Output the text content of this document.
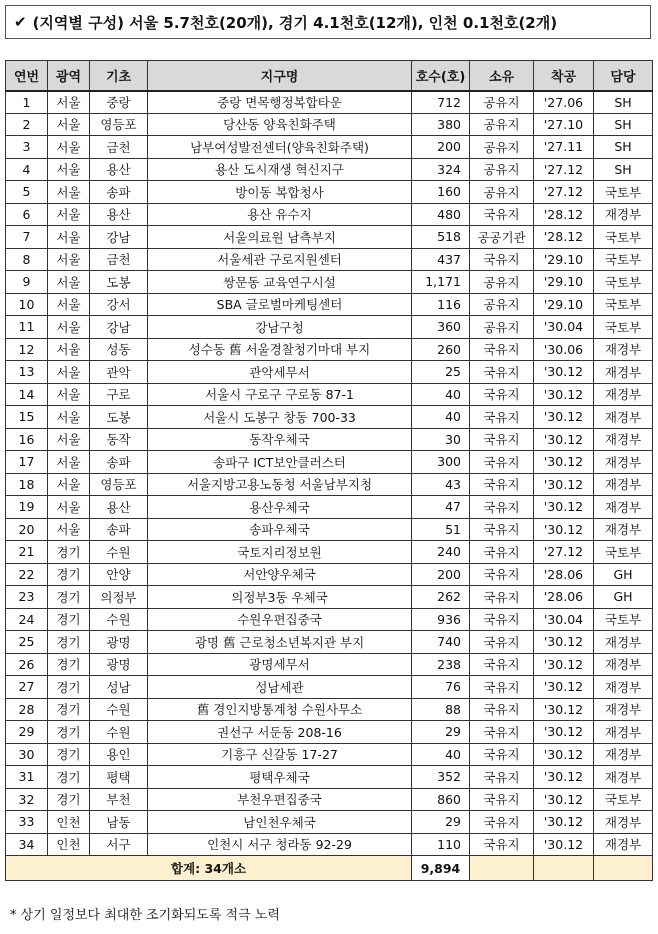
✔ (지역별 구성) 서울 5.7천호(20개), 경기 4.1천호(12개), 인천 0.1천호(2개)
연번	광역	기초	지구명	호수(호)	소유	착공	담당
1	서울	중랑	중랑 면목행정복합타운	712	공유지	'27.06	SH
2	서울	영등포	당산동 양육친화주택	380	공유지	'27.10	SH
3	서울	금천	남부여성발전센터(양육친화주택)	200	공유지	'27.11	SH
4	서울	용산	용산 도시재생 혁신지구	324	공유지	'27.12	SH
5	서울	송파	방이동 복합청사	160	공유지	'27.12	국토부
6	서울	용산	용산 유수지	480	국유지	'28.12	재경부
7	서울	강남	서울의료원 남측부지	518	공공기관	'28.12	국토부
8	서울	금천	서울세관 구로지원센터	437	국유지	'29.10	국토부
9	서울	도봉	쌍문동 교육연구시설	1,171	공유지	'29.10	국토부
10	서울	강서	SBA 글로벌마케팅센터	116	공유지	'29.10	국토부
11	서울	강남	강남구청	360	공유지	'30.04	국토부
12	서울	성동	성수동 舊 서울경찰청기마대 부지	260	국유지	'30.06	재경부
13	서울	관악	관악세무서	25	국유지	'30.12	재경부
14	서울	구로	서울시 구로구 구로동 87-1	40	국유지	'30.12	재경부
15	서울	도봉	서울시 도봉구 창동 700-33	40	국유지	'30.12	재경부
16	서울	동작	동작우체국	30	국유지	'30.12	재경부
17	서울	송파	송파구 ICT보안클러스터	300	국유지	'30.12	재경부
18	서울	영등포	서울지방고용노동청 서울남부지청	43	국유지	'30.12	재경부
19	서울	용산	용산우체국	47	국유지	'30.12	재경부
20	서울	송파	송파우체국	51	국유지	'30.12	재경부
21	경기	수원	국토지리정보원	240	국유지	'27.12	국토부
22	경기	안양	서안양우체국	200	국유지	'28.06	GH
23	경기	의정부	의정부3동 우체국	262	국유지	'28.06	GH
24	경기	수원	수원우편집중국	936	국유지	'30.04	국토부
25	경기	광명	광명 舊 근로청소년복지관 부지	740	국유지	'30.12	재경부
26	경기	광명	광명세무서	238	국유지	'30.12	재경부
27	경기	성남	성남세관	76	국유지	'30.12	재경부
28	경기	수원	舊 경인지방통계청 수원사무소	88	국유지	'30.12	재경부
29	경기	수원	권선구 서둔동 208-16	29	국유지	'30.12	재경부
30	경기	용인	기흥구 신갈동 17-27	40	국유지	'30.12	재경부
31	경기	평택	평택우체국	352	국유지	'30.12	재경부
32	경기	부천	부천우편집중국	860	국유지	'30.12	국토부
33	인천	남동	남인천우체국	29	국유지	'30.12	재경부
34	인천	서구	인천시 서구 청라동 92-29	110	국유지	'30.12	재경부
합계: 34개소				9,894			
* 상기 일정보다 최대한 조기화되도록 적극 노력
